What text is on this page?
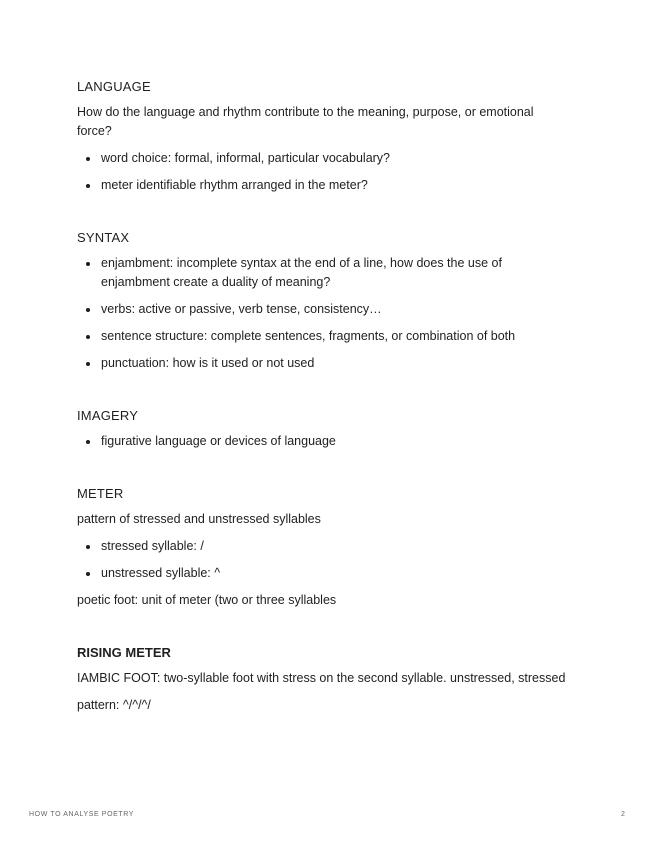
LANGUAGE

How do the language and rhythm contribute to the meaning, purpose, or emotional force?

word choice: formal, informal, particular vocabulary?
meter identifiable rhythm arranged in the meter?
SYNTAX
enjambment: incomplete syntax at the end of a line, how does the use of enjambment create a duality of meaning?
verbs: active or passive, verb tense, consistency…
sentence structure: complete sentences, fragments, or combination of both
punctuation: how is it used or not used
IMAGERY
figurative language or devices of language
METER

pattern of stressed and unstressed syllables

stressed syllable: /
unstressed syllable: ^

poetic foot: unit of meter (two or three syllables

RISING METER

IAMBIC FOOT: two-syllable foot with stress on the second syllable. unstressed, stressed

pattern: ^/^/^/

HOW TO ANALYSE POETRY	2
